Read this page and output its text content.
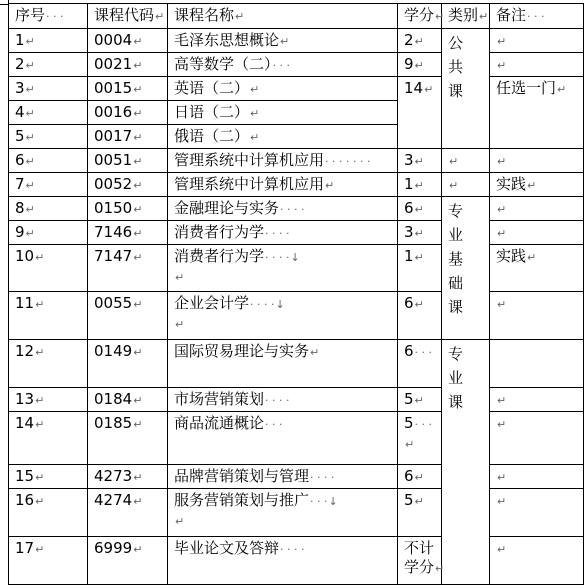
序号· · ·	课程代码↵	课程名称↵	学分↵	类别↵	备注· · ·	
1↵	0004↵	毛泽东思想概论↵	2↵	公
共
课	↵	
2↵	0021↵	高等数学（二）· · ·	9↵		↵	
3↵	0015↵	英语（二）↵	14↵		任选一门↵	
4↵	0016↵	日语（二）↵				
5↵	0017↵	俄语（二）↵				
6↵	0051↵	管理系统中计算机应用· · · · · · ·	3↵	↵	↵	
7↵	0052↵	管理系统中计算机应用↵	1↵	↵	实践↵	
8↵	0150↵	金融理论与实务· · · ·	6↵	专
业
基
础
课	↵	
9↵	7146↵	消费者行为学· · · ·	3↵		↵	
10↵	7147↵	消费者行为学· · · ·↓
↵	1↵		实践↵	
11↵	0055↵	企业会计学· · · ·↓
↵	6↵		↵	
12↵	0149↵	国际贸易理论与实务↵	6· · ·	专
业
课		

13↵	0184↵	市场营销策划· · · ·	5↵		↵	
14↵	0185↵	商品流通概论· · ·	5· · ·
↵		↵	
15↵	4273↵	品牌营销策划与管理· · · ·	6↵		↵	
16↵	4274↵	服务营销策划与推广· · ·↓
↵	5↵		↵	
17↵	6999↵	毕业论文及答辩· · · ·	不计
学分↵		↵	
